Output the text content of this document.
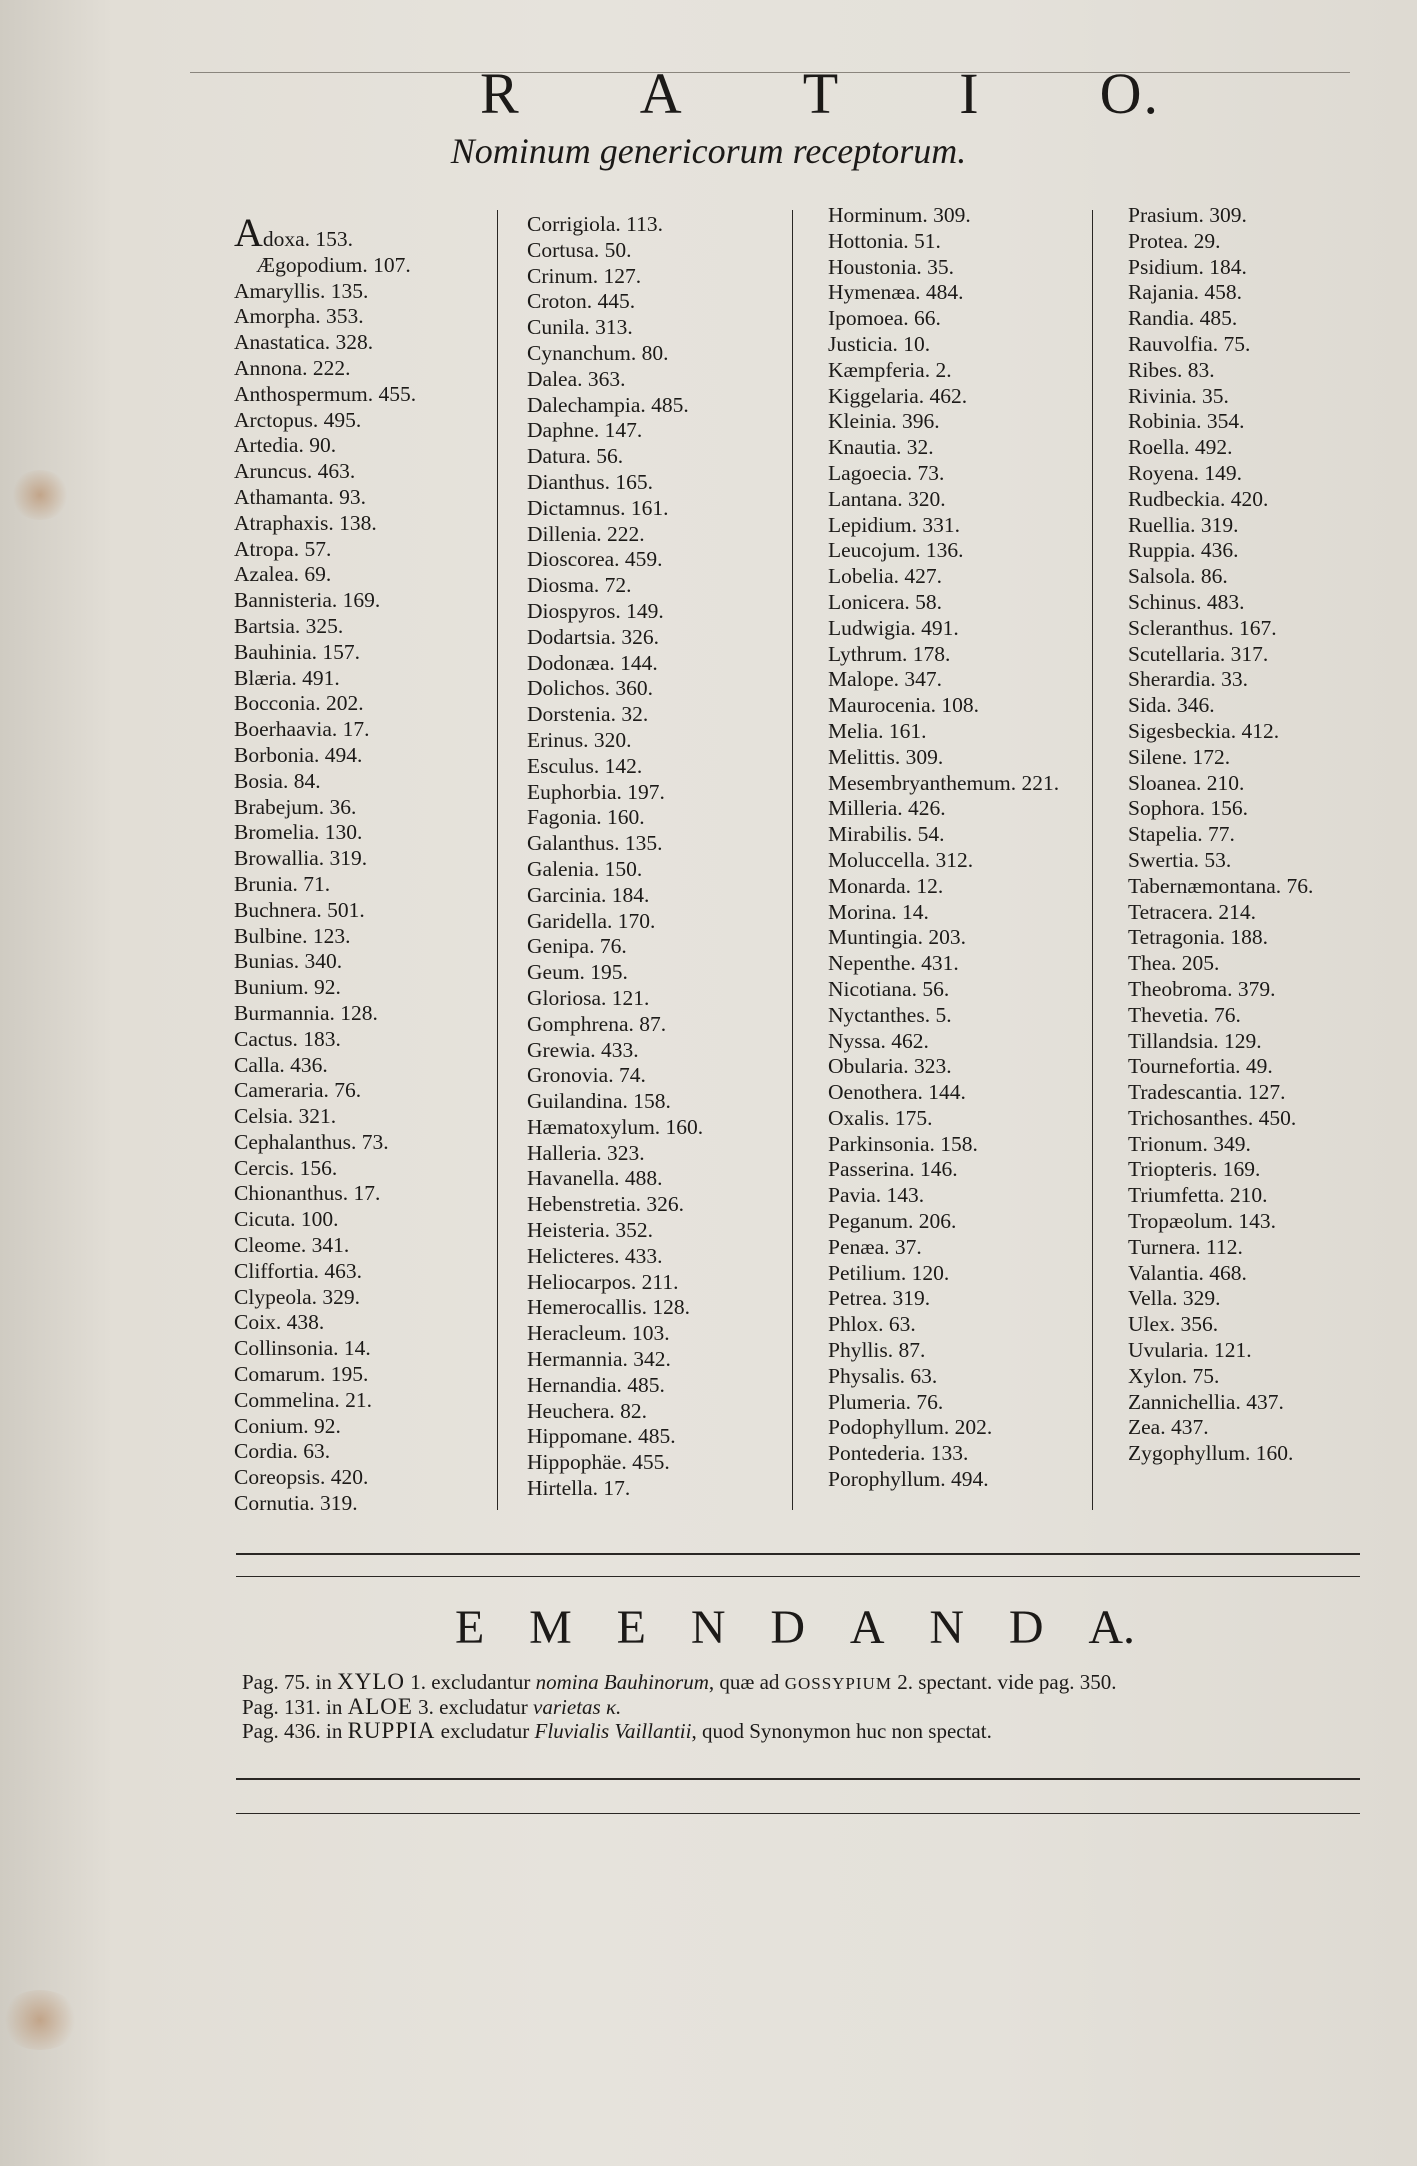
R A T I O.
Nominum genericorum receptorum.
Adoxa. 153.
Ægopodium. 107.
Amaryllis. 135.
Amorpha. 353.
Anastatica. 328.
Annona. 222.
Anthospermum. 455.
Arctopus. 495.
Artedia. 90.
Aruncus. 463.
Athamanta. 93.
Atraphaxis. 138.
Atropa. 57.
Azalea. 69.
Bannisteria. 169.
Bartsia. 325.
Bauhinia. 157.
Blæria. 491.
Bocconia. 202.
Boerhaavia. 17.
Borbonia. 494.
Bosia. 84.
Brabejum. 36.
Bromelia. 130.
Browallia. 319.
Brunia. 71.
Buchnera. 501.
Bulbine. 123.
Bunias. 340.
Bunium. 92.
Burmannia. 128.
Cactus. 183.
Calla. 436.
Cameraria. 76.
Celsia. 321.
Cephalanthus. 73.
Cercis. 156.
Chionanthus. 17.
Cicuta. 100.
Cleome. 341.
Cliffortia. 463.
Clypeola. 329.
Coix. 438.
Collinsonia. 14.
Comarum. 195.
Commelina. 21.
Conium. 92.
Cordia. 63.
Coreopsis. 420.
Cornutia. 319.
Corrigiola. 113.
Cortusa. 50.
Crinum. 127.
Croton. 445.
Cunila. 313.
Cynanchum. 80.
Dalea. 363.
Dalechampia. 485.
Daphne. 147.
Datura. 56.
Dianthus. 165.
Dictamnus. 161.
Dillenia. 222.
Dioscorea. 459.
Diosma. 72.
Diospyros. 149.
Dodartsia. 326.
Dodonæa. 144.
Dolichos. 360.
Dorstenia. 32.
Erinus. 320.
Esculus. 142.
Euphorbia. 197.
Fagonia. 160.
Galanthus. 135.
Galenia. 150.
Garcinia. 184.
Garidella. 170.
Genipa. 76.
Geum. 195.
Gloriosa. 121.
Gomphrena. 87.
Grewia. 433.
Gronovia. 74.
Guilandina. 158.
Hæmatoxylum. 160.
Halleria. 323.
Havanella. 488.
Hebenstretia. 326.
Heisteria. 352.
Helicteres. 433.
Heliocarpos. 211.
Hemerocallis. 128.
Heracleum. 103.
Hermannia. 342.
Hernandia. 485.
Heuchera. 82.
Hippomane. 485.
Hippophäe. 455.
Hirtella. 17.
Horminum. 309.
Hottonia. 51.
Houstonia. 35.
Hymenæa. 484.
Ipomoea. 66.
Justicia. 10.
Kæmpferia. 2.
Kiggelaria. 462.
Kleinia. 396.
Knautia. 32.
Lagoecia. 73.
Lantana. 320.
Lepidium. 331.
Leucojum. 136.
Lobelia. 427.
Lonicera. 58.
Ludwigia. 491.
Lythrum. 178.
Malope. 347.
Maurocenia. 108.
Melia. 161.
Melittis. 309.
Mesembryanthemum. 221.
Milleria. 426.
Mirabilis. 54.
Moluccella. 312.
Monarda. 12.
Morina. 14.
Muntingia. 203.
Nepenthe. 431.
Nicotiana. 56.
Nyctanthes. 5.
Nyssa. 462.
Obularia. 323.
Oenothera. 144.
Oxalis. 175.
Parkinsonia. 158.
Passerina. 146.
Pavia. 143.
Peganum. 206.
Penæa. 37.
Petilium. 120.
Petrea. 319.
Phlox. 63.
Phyllis. 87.
Physalis. 63.
Plumeria. 76.
Podophyllum. 202.
Pontederia. 133.
Porophyllum. 494.
Prasium. 309.
Protea. 29.
Psidium. 184.
Rajania. 458.
Randia. 485.
Rauvolfia. 75.
Ribes. 83.
Rivinia. 35.
Robinia. 354.
Roella. 492.
Royena. 149.
Rudbeckia. 420.
Ruellia. 319.
Ruppia. 436.
Salsola. 86.
Schinus. 483.
Scleranthus. 167.
Scutellaria. 317.
Sherardia. 33.
Sida. 346.
Sigesbeckia. 412.
Silene. 172.
Sloanea. 210.
Sophora. 156.
Stapelia. 77.
Swertia. 53.
Tabernæmontana. 76.
Tetracera. 214.
Tetragonia. 188.
Thea. 205.
Theobroma. 379.
Thevetia. 76.
Tillandsia. 129.
Tournefortia. 49.
Tradescantia. 127.
Trichosanthes. 450.
Trionum. 349.
Triopteris. 169.
Triumfetta. 210.
Tropæolum. 143.
Turnera. 112.
Valantia. 468.
Vella. 329.
Ulex. 356.
Uvularia. 121.
Xylon. 75.
Zannichellia. 437.
Zea. 437.
Zygophyllum. 160.
E M E N D A N D A.
Pag. 75. in XYLO 1. excludantur nomina Bauhinorum, quæ ad GOSSYPIUM 2. spectant. vide pag. 350.
Pag. 131. in ALOE 3. excludatur varietas κ.
Pag. 436. in RUPPIA excludatur Fluvialis Vaillantii, quod Synonymon huc non spectat.
